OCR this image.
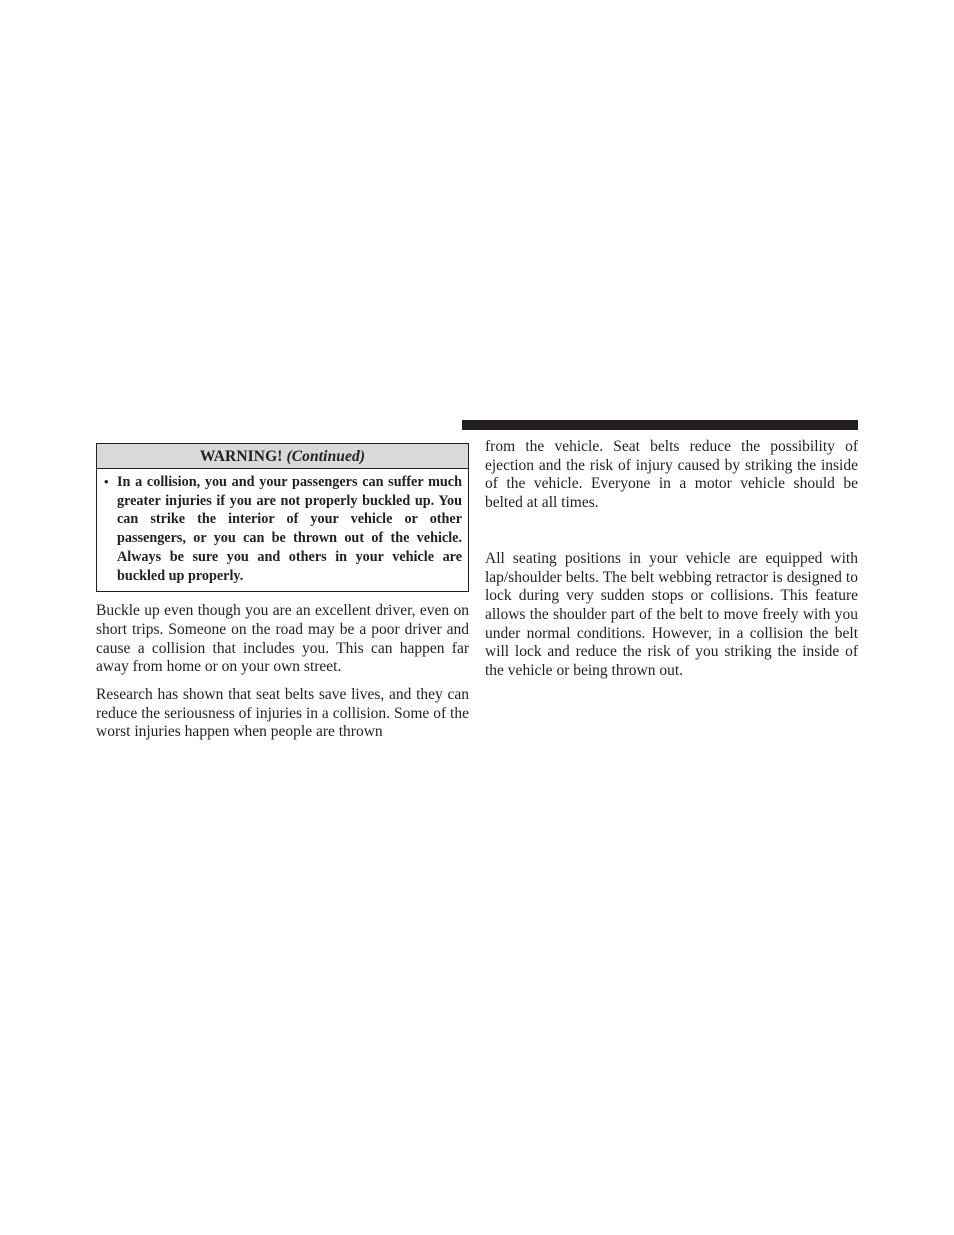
WARNING! (Continued)
• In a collision, you and your passengers can suffer much greater injuries if you are not properly buckled up. You can strike the interior of your vehicle or other passengers, or you can be thrown out of the vehicle. Always be sure you and others in your vehicle are buckled up properly.

Buckle up even though you are an excellent driver, even on short trips. Someone on the road may be a poor driver and cause a collision that includes you. This can happen far away from home or on your own street.

Research has shown that seat belts save lives, and they can reduce the seriousness of injuries in a collision. Some of the worst injuries happen when people are thrown

from the vehicle. Seat belts reduce the possibility of ejection and the risk of injury caused by striking the inside of the vehicle. Everyone in a motor vehicle should be belted at all times.

All seating positions in your vehicle are equipped with lap/shoulder belts. The belt webbing retractor is designed to lock during very sudden stops or collisions. This feature allows the shoulder part of the belt to move freely with you under normal conditions. However, in a collision the belt will lock and reduce the risk of you striking the inside of the vehicle or being thrown out.
